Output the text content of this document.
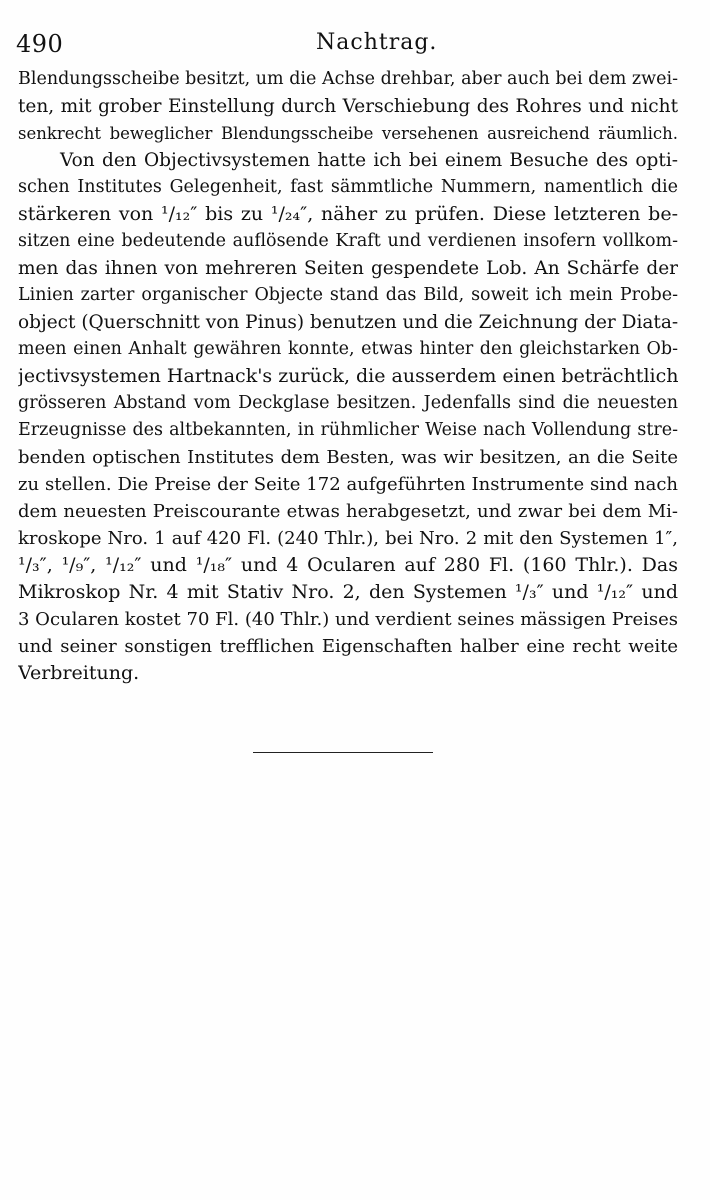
490	Nachtrag.
Blendungsscheibe besitzt, um die Achse drehbar, aber auch bei dem zwei-
ten, mit grober Einstellung durch Verschiebung des Rohres und nicht
senkrecht beweglicher Blendungsscheibe versehenen ausreichend räumlich.
Von den Objectivsystemen hatte ich bei einem Besuche des opti-
schen Institutes Gelegenheit, fast sämmtliche Nummern, namentlich die
stärkeren von ¹/₁₂″ bis zu ¹/₂₄″, näher zu prüfen. Diese letzteren be-
sitzen eine bedeutende auflösende Kraft und verdienen insofern vollkom-
men das ihnen von mehreren Seiten gespendete Lob. An Schärfe der
Linien zarter organischer Objecte stand das Bild, soweit ich mein Probe-
object (Querschnitt von Pinus) benutzen und die Zeichnung der Diata-
meen einen Anhalt gewähren konnte, etwas hinter den gleichstarken Ob-
jectivsystemen Hartnack's zurück, die ausserdem einen beträchtlich
grösseren Abstand vom Deckglase besitzen. Jedenfalls sind die neuesten
Erzeugnisse des altbekannten, in rühmlicher Weise nach Vollendung stre-
benden optischen Institutes dem Besten, was wir besitzen, an die Seite
zu stellen. Die Preise der Seite 172 aufgeführten Instrumente sind nach
dem neuesten Preiscourante etwas herabgesetzt, und zwar bei dem Mi-
kroskope Nro. 1 auf 420 Fl. (240 Thlr.), bei Nro. 2 mit den Systemen 1″,
¹/₃″, ¹/₉″, ¹/₁₂″ und ¹/₁₈″ und 4 Ocularen auf 280 Fl. (160 Thlr.). Das
Mikroskop Nr. 4 mit Stativ Nro. 2, den Systemen ¹/₃″ und ¹/₁₂″ und
3 Ocularen kostet 70 Fl. (40 Thlr.) und verdient seines mässigen Preises
und seiner sonstigen trefflichen Eigenschaften halber eine recht weite
Verbreitung.
